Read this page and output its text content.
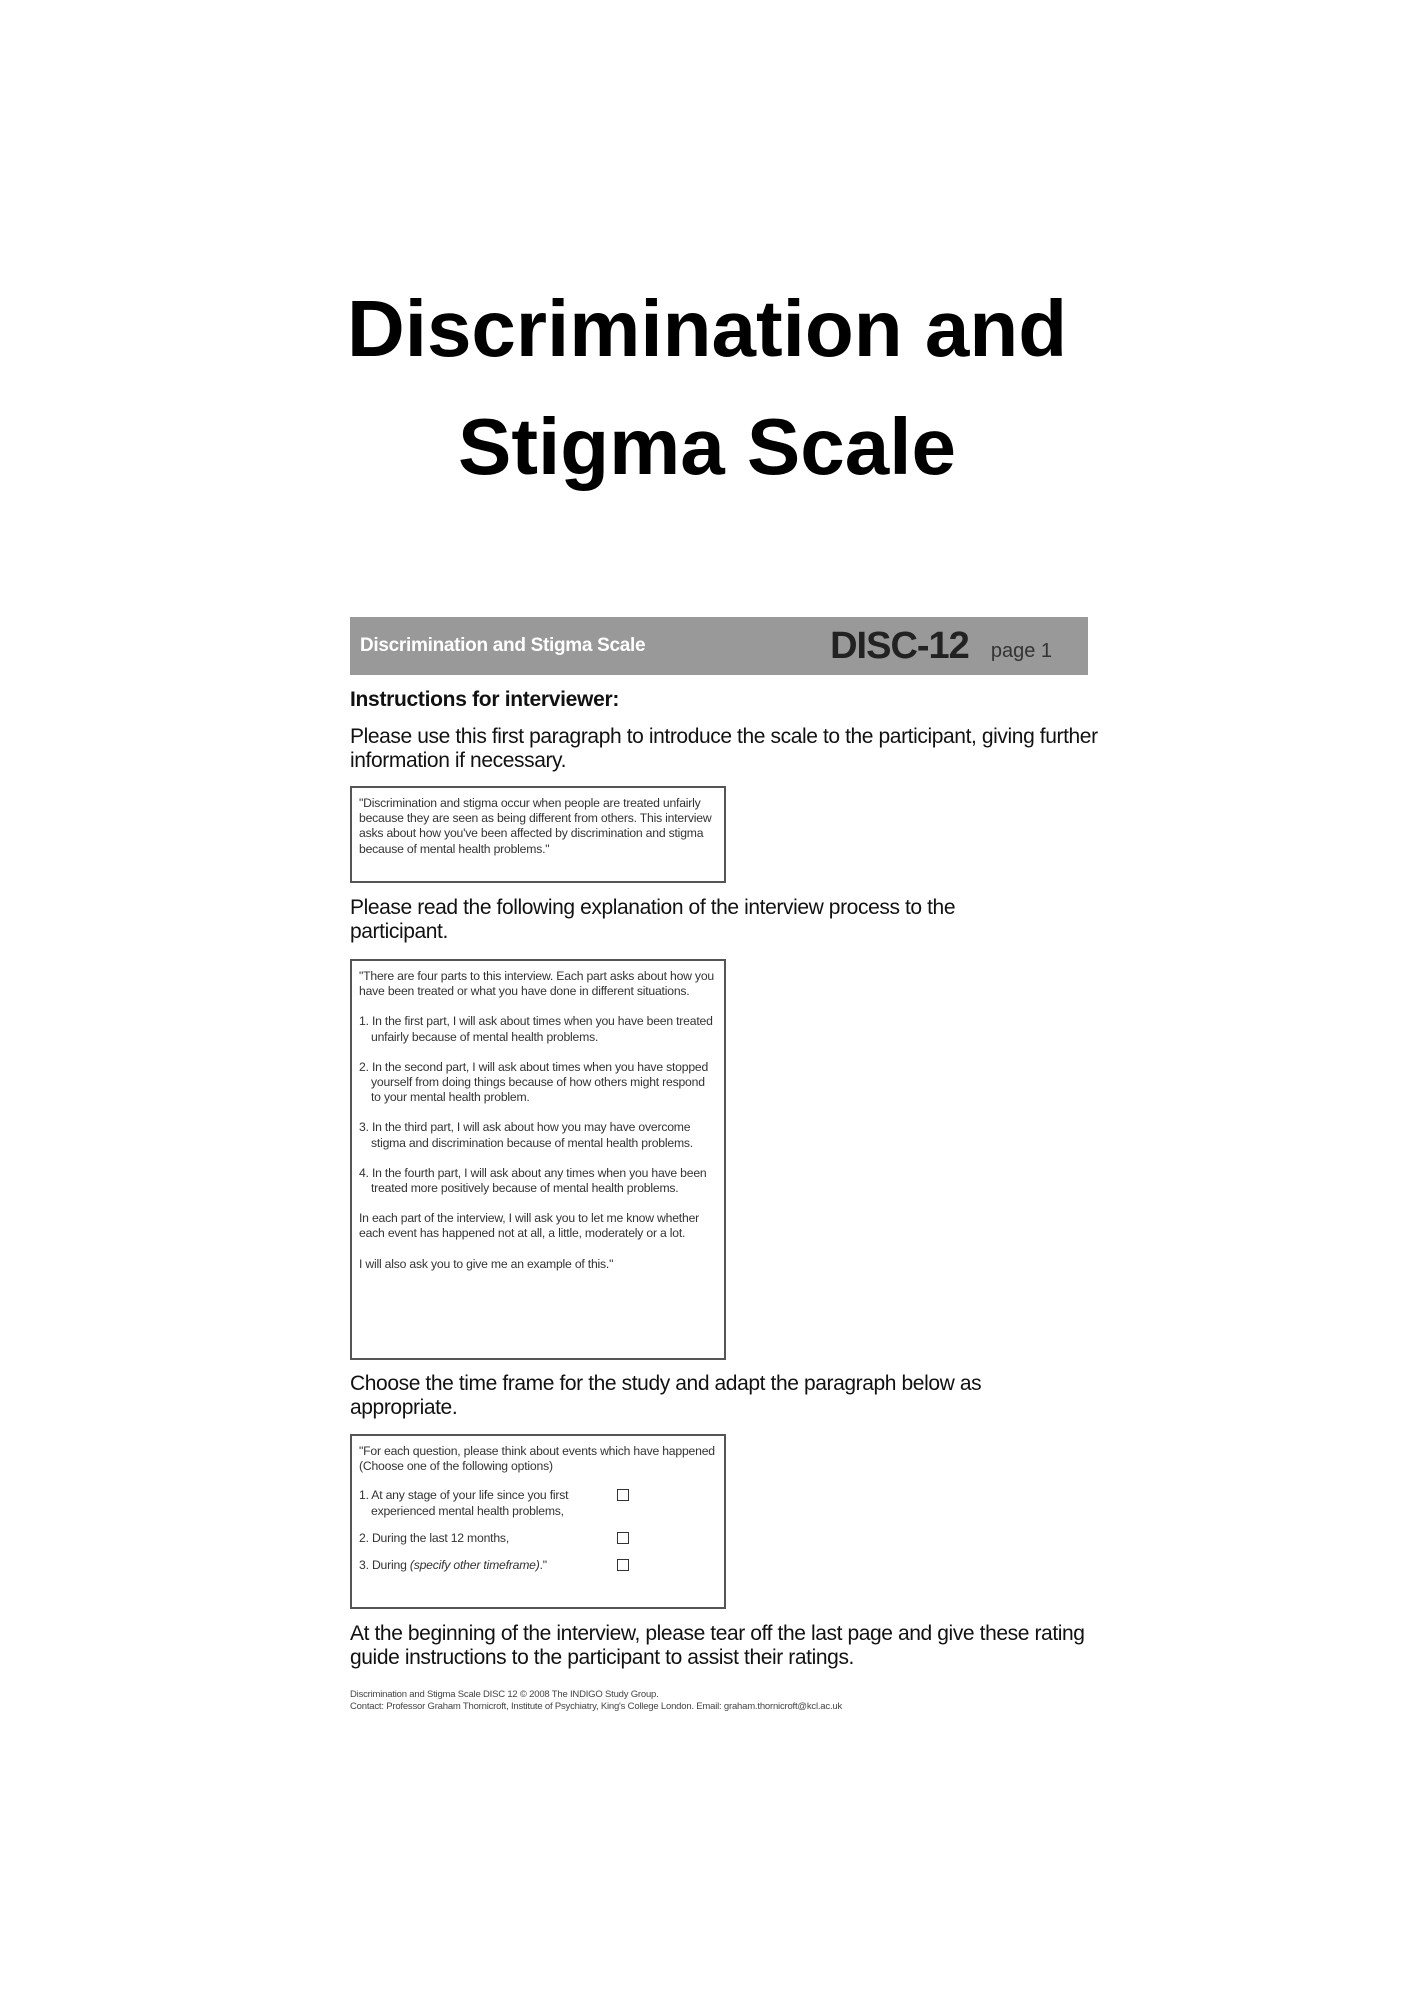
Discrimination and
Stigma Scale
Discrimination and Stigma Scale	DISC-12 page 1
Instructions for interviewer:
Please use this first paragraph to introduce the scale to the participant, giving further information if necessary.

"Discrimination and stigma occur when people are treated unfairly because they are seen as being different from others. This interview asks about how you've been affected by discrimination and stigma because of mental health problems."

Please read the following explanation of the interview process to the participant.

"There are four parts to this interview. Each part asks about how you have been treated or what you have done in different situations.

1. In the first part, I will ask about times when you have been treated unfairly because of mental health problems.

2. In the second part, I will ask about times when you have stopped yourself from doing things because of how others might respond to your mental health problem.

3. In the third part, I will ask about how you may have overcome stigma and discrimination because of mental health problems.

4. In the fourth part, I will ask about any times when you have been treated more positively because of mental health problems.

In each part of the interview, I will ask you to let me know whether each event has happened not at all, a little, moderately or a lot.

I will also ask you to give me an example of this."

Choose the time frame for the study and adapt the paragraph below as appropriate.
"For each question, please think about events which have happened
(Choose one of the following options)
1. At any stage of your life since you first experienced mental health problems,
2. During the last 12 months,
3. During (specify other timeframe)."
At the beginning of the interview, please tear off the last page and give these rating guide instructions to the participant to assist their ratings.
Discrimination and Stigma Scale DISC 12 © 2008 The INDIGO Study Group.
Contact: Professor Graham Thornicroft, Institute of Psychiatry, King's College London. Email: graham.thornicroft@kcl.ac.uk
